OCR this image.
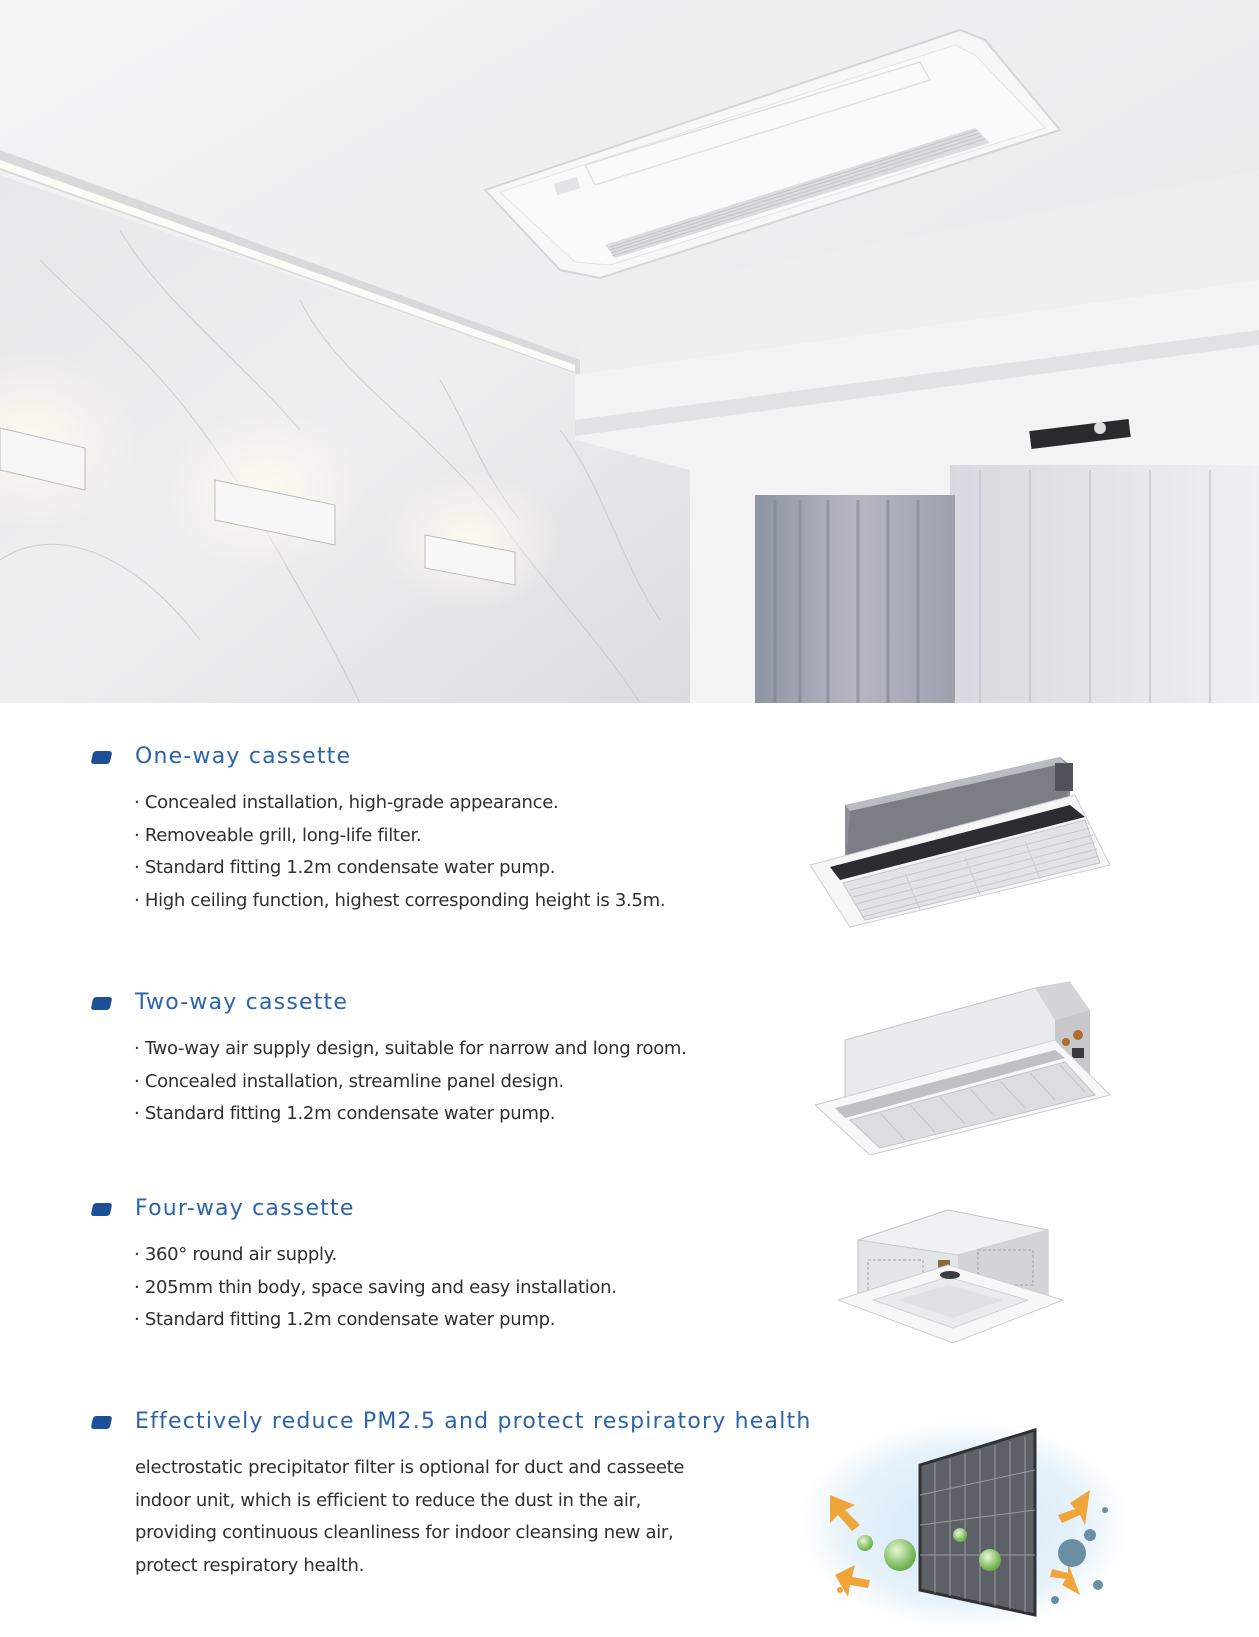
One-way cassette
· Concealed installation, high-grade appearance.
· Removeable grill, long-life filter.
· Standard fitting 1.2m condensate water pump.
· High ceiling function, highest corresponding height is 3.5m.
Two-way cassette
· Two-way air supply design, suitable for narrow and long room.
· Concealed installation, streamline panel design.
· Standard fitting 1.2m condensate water pump.
Four-way cassette
· 360° round air supply.
· 205mm thin body, space saving and easy installation.
· Standard fitting 1.2m condensate water pump.
Effectively reduce PM2.5 and protect respiratory health
electrostatic precipitator filter is optional for duct and casseete
indoor unit, which is efficient to reduce the dust in the air,
providing continuous cleanliness for indoor cleansing new air,
protect respiratory health.
